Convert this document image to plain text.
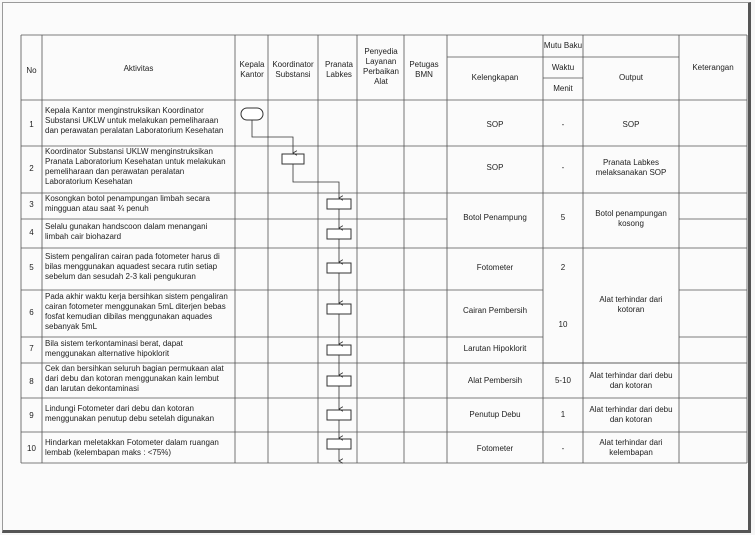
No	Aktivitas	Kepala Kantor
Koordinator Substansi
Pranata Labkes
Penyedia Layanan Perbaikan Alat
Petugas BMN
Mutu Baku
Kelengkapan
Waktu
Menit
Output
Keterangan
1
2
3
4
5
6
7
8
9
10
Kepala Kantor menginstruksikan Koordinator Substansi UKLW untuk melakukan pemeliharaan dan perawatan peralatan Laboratorium Kesehatan
Koordinator Substansi UKLW menginstruksikan Pranata Laboratorium Kesehatan untuk melakukan pemeliharaan dan perawatan peralatan Laboratorium Kesehatan
Kosongkan botol penampungan limbah secara mingguan atau saat ¾ penuh
Selalu gunakan handscoon dalam menangani limbah cair biohazard
Sistem pengaliran cairan pada fotometer harus di bilas menggunakan aquadest secara rutin setiap sebelum dan sesudah 2-3 kali pengukuran
Pada akhir waktu kerja bersihkan sistem pengaliran cairan fotometer menggunakan 5mL diterjen bebas fosfat kemudian dibilas menggunakan aquades sebanyak 5mL
Bila sistem terkontaminasi berat, dapat menggunakan alternative hipoklorit
Cek dan bersihkan seluruh bagian permukaan alat dari debu dan kotoran menggunakan kain lembut dan larutan dekontaminasi
Lindungi Fotometer dari debu dan kotoran menggunakan penutup debu setelah digunakan
Hindarkan meletakkan Fotometer dalam ruangan lembab (kelembapan maks : <75%)
SOP
SOP
Botol Penampung
Fotometer
Cairan Pembersih
Larutan Hipoklorit
Alat Pembersih
Penutup Debu
Fotometer
-
-
5
2
10
5-10
1
-
SOP
Pranata Labkes melaksanakan SOP
Botol penampungan kosong
Alat terhindar dari kotoran
Alat terhindar dari debu dan kotoran
Alat terhindar dari debu dan kotoran
Alat terhindar dari kelembapan
